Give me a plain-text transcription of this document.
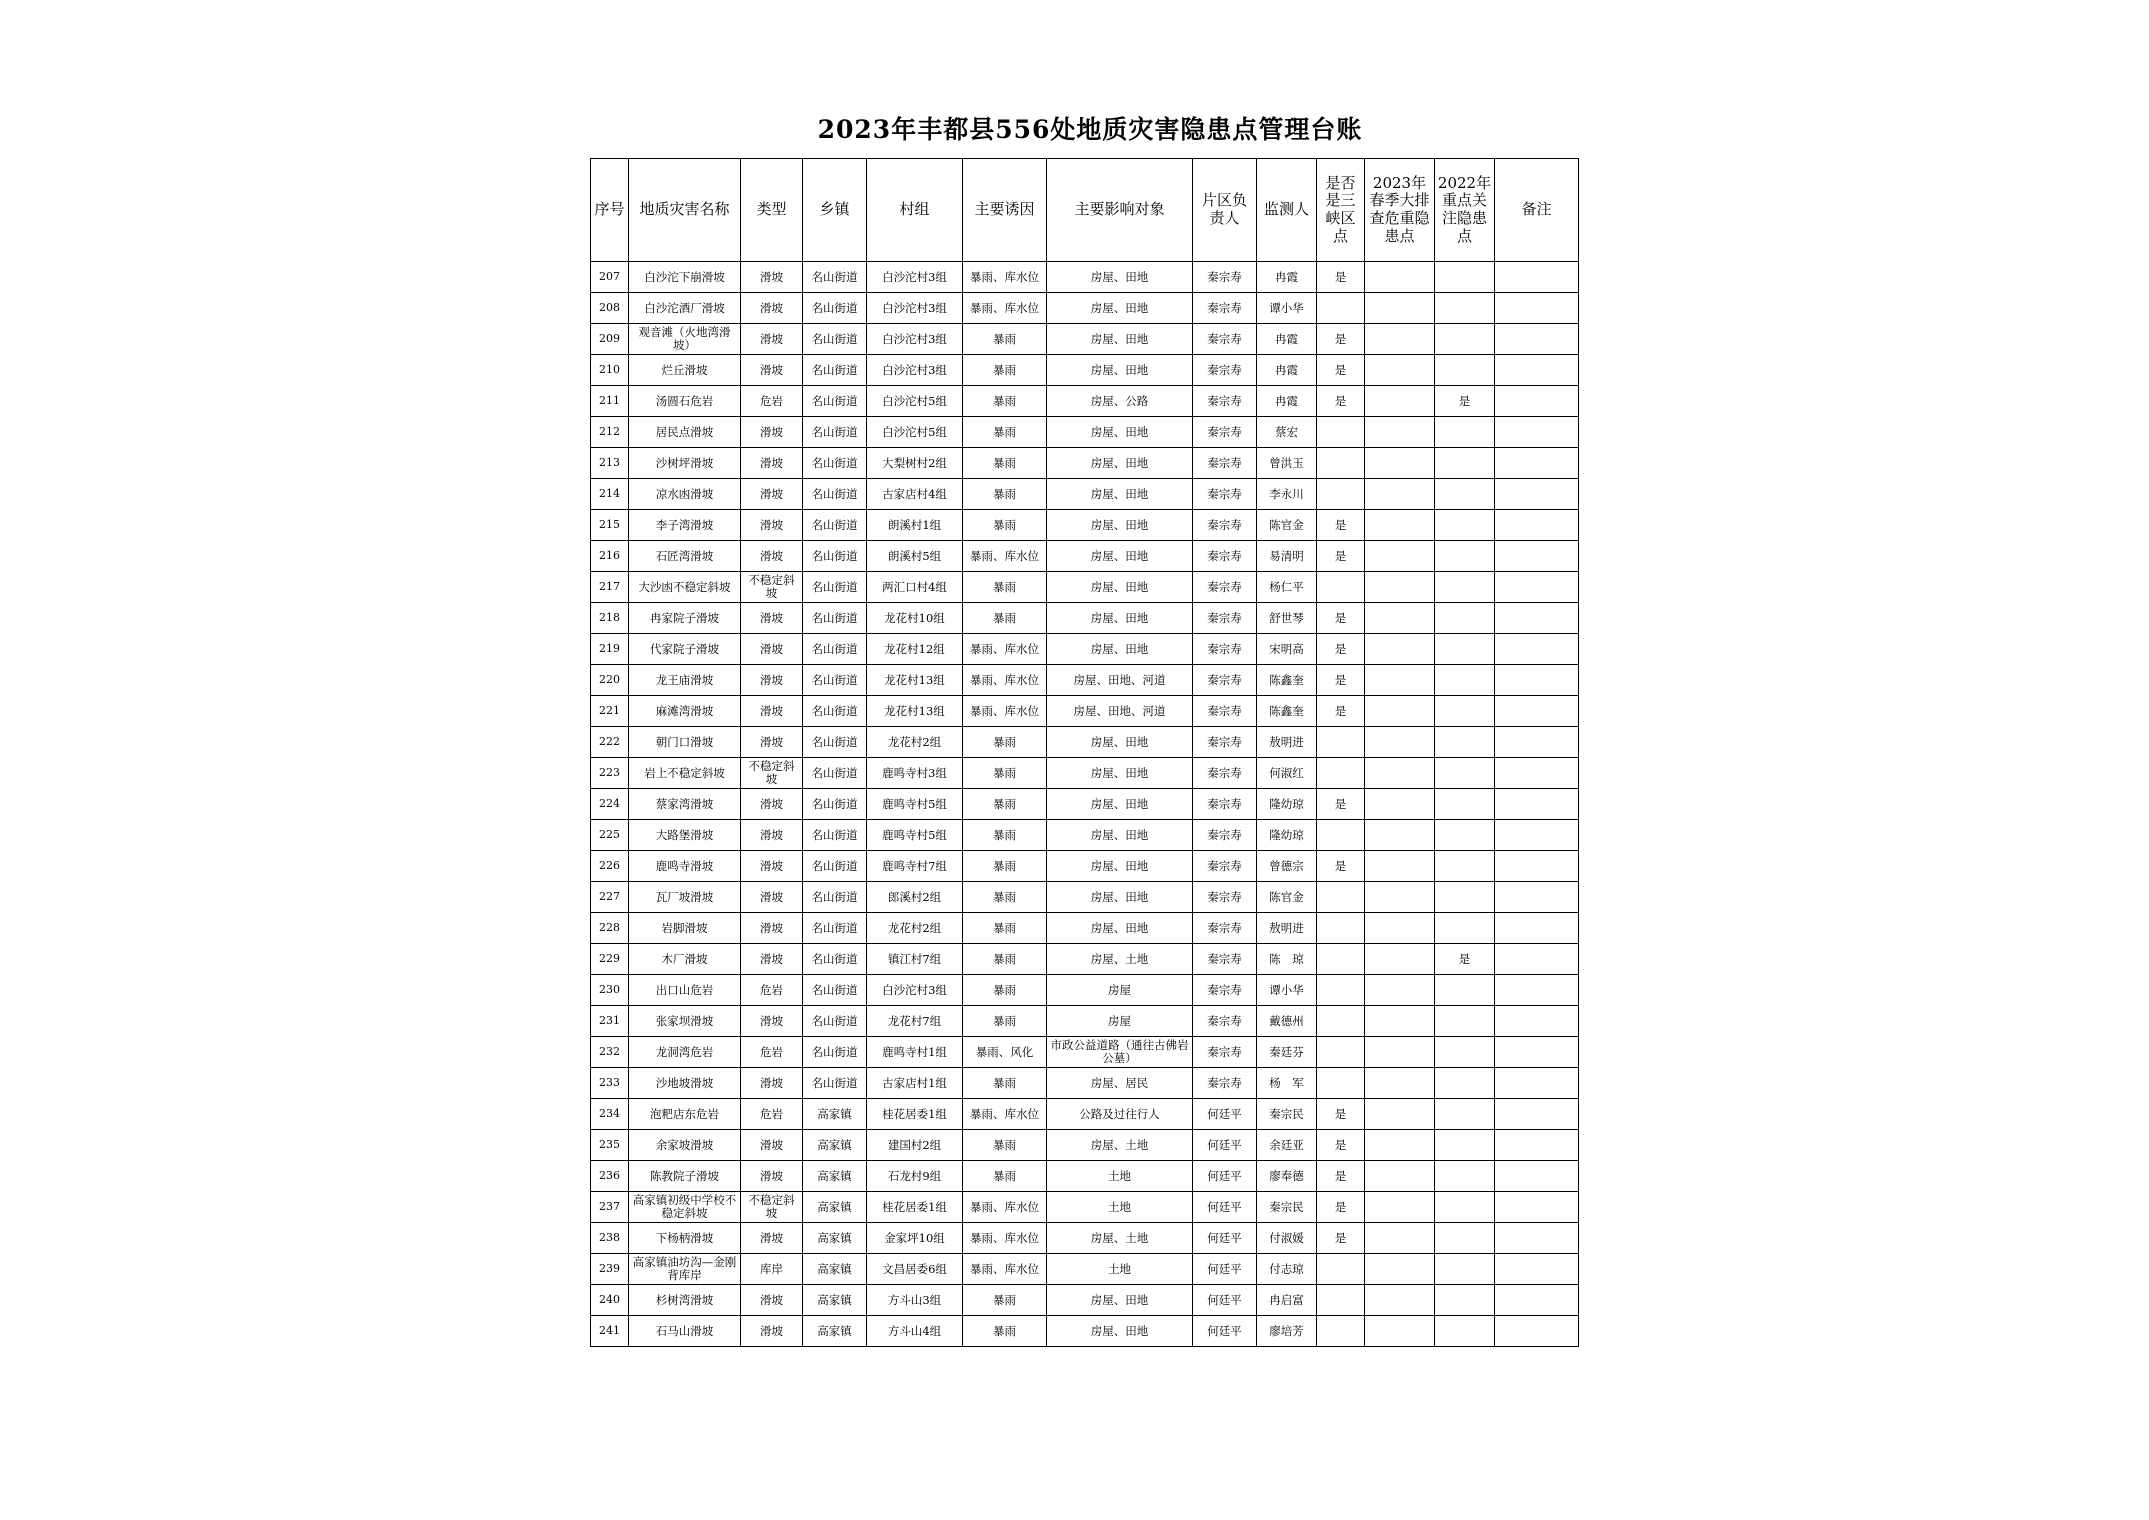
2023年丰都县556处地质灾害隐患点管理台账
序号	地质灾害名称	类型	乡镇	村组	主要诱因	主要影响对象	片区负责人	监测人	是否是三峡区点	2023年春季大排查危重隐患点	2022年重点关注隐患点	备注
207	白沙沱下崩滑坡	滑坡	名山街道	白沙沱村3组	暴雨、库水位	房屋、田地	秦宗寿	冉霞	是			
208	白沙沱酒厂滑坡	滑坡	名山街道	白沙沱村3组	暴雨、库水位	房屋、田地	秦宗寿	谭小华				
209	观音滩（火地湾滑坡）	滑坡	名山街道	白沙沱村3组	暴雨	房屋、田地	秦宗寿	冉霞	是			
210	烂丘滑坡	滑坡	名山街道	白沙沱村3组	暴雨	房屋、田地	秦宗寿	冉霞	是			
211	汤圆石危岩	危岩	名山街道	白沙沱村5组	暴雨	房屋、公路	秦宗寿	冉霞	是		是	
212	居民点滑坡	滑坡	名山街道	白沙沱村5组	暴雨	房屋、田地	秦宗寿	蔡宏				
213	沙树坪滑坡	滑坡	名山街道	大梨树村2组	暴雨	房屋、田地	秦宗寿	曾洪玉				
214	凉水凼滑坡	滑坡	名山街道	古家店村4组	暴雨	房屋、田地	秦宗寿	李永川				
215	李子湾滑坡	滑坡	名山街道	朗溪村1组	暴雨	房屋、田地	秦宗寿	陈官金	是			
216	石匠湾滑坡	滑坡	名山街道	朗溪村5组	暴雨、库水位	房屋、田地	秦宗寿	易清明	是			
217	大沙凼不稳定斜坡	不稳定斜坡	名山街道	两汇口村4组	暴雨	房屋、田地	秦宗寿	杨仁平				
218	冉家院子滑坡	滑坡	名山街道	龙花村10组	暴雨	房屋、田地	秦宗寿	舒世琴	是			
219	代家院子滑坡	滑坡	名山街道	龙花村12组	暴雨、库水位	房屋、田地	秦宗寿	宋明高	是			
220	龙王庙滑坡	滑坡	名山街道	龙花村13组	暴雨、库水位	房屋、田地、河道	秦宗寿	陈鑫奎	是			
221	麻滩湾滑坡	滑坡	名山街道	龙花村13组	暴雨、库水位	房屋、田地、河道	秦宗寿	陈鑫奎	是			
222	朝门口滑坡	滑坡	名山街道	龙花村2组	暴雨	房屋、田地	秦宗寿	敖明进				
223	岩上不稳定斜坡	不稳定斜坡	名山街道	鹿鸣寺村3组	暴雨	房屋、田地	秦宗寿	何淑红				
224	蔡家湾滑坡	滑坡	名山街道	鹿鸣寺村5组	暴雨	房屋、田地	秦宗寿	隆幼琼	是			
225	大路堡滑坡	滑坡	名山街道	鹿鸣寺村5组	暴雨	房屋、田地	秦宗寿	隆幼琼				
226	鹿鸣寺滑坡	滑坡	名山街道	鹿鸣寺村7组	暴雨	房屋、田地	秦宗寿	曾德宗	是			
227	瓦厂坡滑坡	滑坡	名山街道	郎溪村2组	暴雨	房屋、田地	秦宗寿	陈官金				
228	岩脚滑坡	滑坡	名山街道	龙花村2组	暴雨	房屋、田地	秦宗寿	敖明进				
229	木厂滑坡	滑坡	名山街道	镇江村7组	暴雨	房屋、土地	秦宗寿	陈　琼			是	
230	出口山危岩	危岩	名山街道	白沙沱村3组	暴雨	房屋	秦宗寿	谭小华				
231	张家坝滑坡	滑坡	名山街道	龙花村7组	暴雨	房屋	秦宗寿	戴德州				
232	龙洞湾危岩	危岩	名山街道	鹿鸣寺村1组	暴雨、风化	市政公益道路（通往古佛岩公墓）	秦宗寿	秦廷芬				
233	沙地坡滑坡	滑坡	名山街道	古家店村1组	暴雨	房屋、居民	秦宗寿	杨　军				
234	泡粑店东危岩	危岩	高家镇	桂花居委1组	暴雨、库水位	公路及过往行人	何廷平	秦宗民	是			
235	余家坡滑坡	滑坡	高家镇	建国村2组	暴雨	房屋、土地	何廷平	余廷亚	是			
236	陈教院子滑坡	滑坡	高家镇	石龙村9组	暴雨	土地	何廷平	廖奉德	是			
237	高家镇初级中学校不稳定斜坡	不稳定斜坡	高家镇	桂花居委1组	暴雨、库水位	土地	何廷平	秦宗民	是			
238	下杨柄滑坡	滑坡	高家镇	金家坪10组	暴雨、库水位	房屋、土地	何廷平	付淑媛	是			
239	高家镇油坊沟—金刚背库岸	库岸	高家镇	文昌居委6组	暴雨、库水位	土地	何廷平	付志琼				
240	杉树湾滑坡	滑坡	高家镇	方斗山3组	暴雨	房屋、田地	何廷平	冉启富				
241	石马山滑坡	滑坡	高家镇	方斗山4组	暴雨	房屋、田地	何廷平	廖培芳				
